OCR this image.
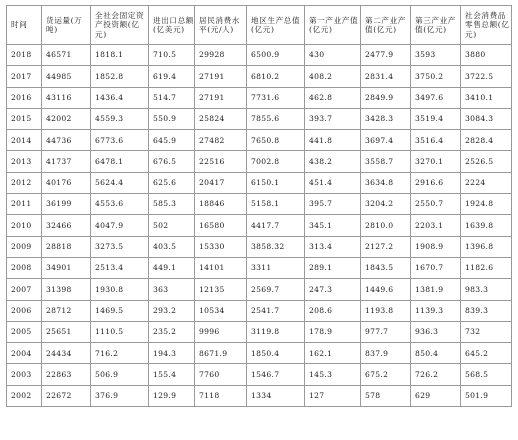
时间	货运量(万吨)	全社会固定资产投资额(亿元)	进出口总额(亿美元)	居民消费水平(元/人)	地区生产总值(亿元)	第一产业产值(亿元)	第二产业产值(亿元)	第三产业产值(亿元)	社会消费品零售总额(亿元)

2018	46571	1818.1	710.5	29928	6500.9	430	2477.9	3593	3880
2017	44985	1852.8	619.4	27191	6810.2	408.2	2831.4	3750.2	3722.5
2016	43116	1436.4	514.7	27191	7731.6	462.8	2849.9	3497.6	3410.1
2015	42002	4559.3	550.9	25824	7855.6	393.7	3428.3	3519.4	3084.3
2014	44736	6773.6	645.9	27482	7650.8	441.8	3697.4	3516.4	2828.4
2013	41737	6478.1	676.5	22516	7002.8	438.2	3558.7	3270.1	2526.5
2012	40176	5624.4	625.6	20417	6150.1	451.4	3634.8	2916.6	2224
2011	36199	4553.6	585.3	18846	5158.1	395.7	3204.2	2550.7	1924.8
2010	32466	4047.9	502	16580	4417.7	345.1	2810.0	2203.1	1639.8
2009	28818	3273.5	403.5	15330	3858.32	313.4	2127.2	1908.9	1396.8
2008	34901	2513.4	449.1	14101	3311	289.1	1843.5	1670.7	1182.6
2007	31398	1930.8	363	12135	2569.7	247.3	1449.6	1381.9	983.3
2006	28712	1469.5	293.2	10534	2541.7	208.6	1193.8	1139.3	839.3
2005	25651	1110.5	235.2	9996	3119.8	178.9	977.7	936.3	732
2004	24434	716.2	194.3	8671.9	1850.4	162.1	837.9	850.4	645.2
2003	22863	506.9	155.4	7760	1546.7	145.3	675.2	726.2	568.5
2002	22672	376.9	129.9	7118	1334	127	578	629	501.9
